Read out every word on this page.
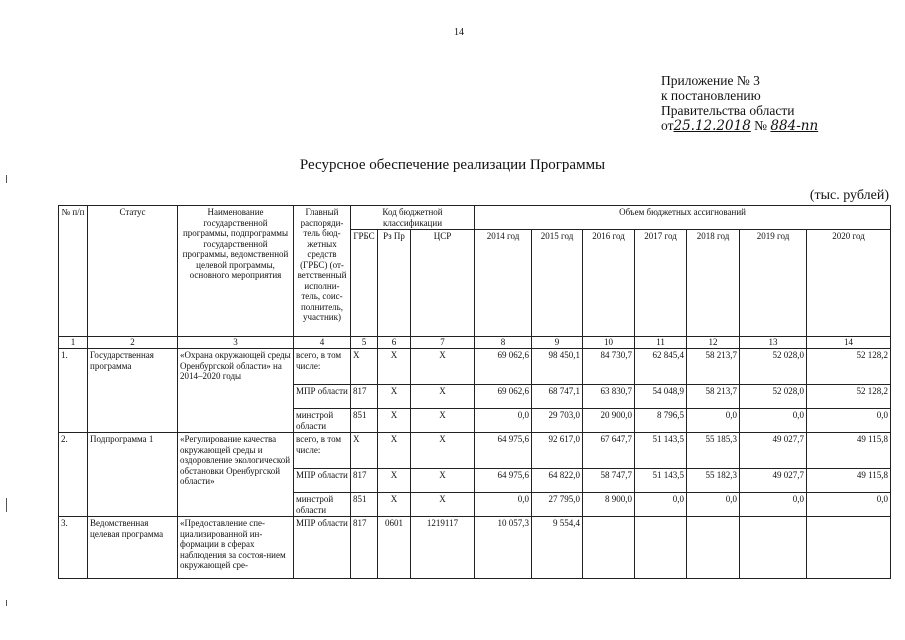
14
Приложение № 3
к постановлению
Правительства области
от25.12.2018 № 884-пп
Ресурсное обеспечение реализации Программы
(тыс. рублей)
№ п/п	Статус	Наименование государственной программы, подпрограммы государственной программы, ведомственной целевой программы, основного мероприятия	Главный распоряди-тель бюд-жетных средств (ГРБС) (от-ветственный исполни-тель, соис-полнитель, участник)	Код бюджетной классификации			Объем бюджетных ассигнований						
				ГРБС	Рз Пр	ЦСР	2014 год	2015 год	2016 год	2017 год	2018 год	2019 год	2020 год
1	2	3	4	5	6	7	8	9	10	11	12	13	14
1.	Государственная программа	«Охрана окружающей среды Оренбургской области» на 2014–2020 годы	всего, в том числе:	Х	Х	Х	69 062,6	98 450,1	84 730,7	62 845,4	58 213,7	52 028,0	52 128,2
			МПР области	817	Х	Х	69 062,6	68 747,1	63 830,7	54 048,9	58 213,7	52 028,0	52 128,2
			минстрой области	851	Х	Х	0,0	29 703,0	20 900,0	8 796,5	0,0	0,0	0,0
2.	Подпрограмма 1	«Регулирование качества окружающей среды и оздоровление экологической обстановки Оренбургской области»	всего, в том числе:	Х	Х	Х	64 975,6	92 617,0	67 647,7	51 143,5	55 185,3	49 027,7	49 115,8
			МПР области	817	Х	Х	64 975,6	64 822,0	58 747,7	51 143,5	55 182,3	49 027,7	49 115,8
			минстрой области	851	Х	Х	0,0	27 795,0	8 900,0	0,0	0,0	0,0	0,0
3.	Ведомственная целевая программа	«Предоставление спе-циализированной ин-формации в сферах наблюдения за состоя-нием окружающей сре-	МПР области	817	0601	1219117	10 057,3	9 554,4					
